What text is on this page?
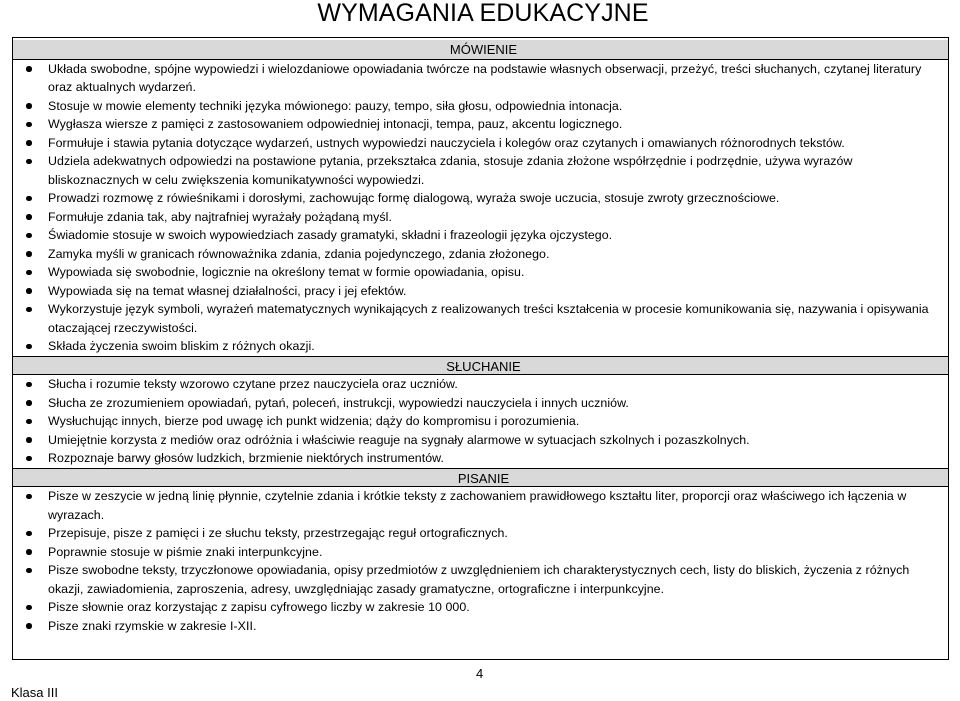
WYMAGANIA EDUKACYJNE
MÓWIENIE
Układa swobodne, spójne wypowiedzi i wielozdaniowe opowiadania twórcze na podstawie własnych obserwacji, przeżyć, treści słuchanych, czytanej literatury oraz aktualnych wydarzeń.
Stosuje w mowie elementy techniki języka mówionego: pauzy, tempo, siła głosu, odpowiednia intonacja.
Wygłasza wiersze z pamięci z zastosowaniem odpowiedniej intonacji, tempa, pauz, akcentu logicznego.
Formułuje i stawia pytania dotyczące wydarzeń, ustnych wypowiedzi nauczyciela i kolegów oraz czytanych i omawianych różnorodnych tekstów.
Udziela adekwatnych odpowiedzi na postawione pytania, przekształca zdania, stosuje zdania złożone współrzędnie i podrzędnie, używa wyrazów bliskoznacznych w celu zwiększenia komunikatywności wypowiedzi.
Prowadzi rozmowę z rówieśnikami i dorosłymi, zachowując formę dialogową, wyraża swoje uczucia, stosuje zwroty grzecznościowe.
Formułuje zdania tak, aby najtrafniej wyrażały pożądaną myśl.
Świadomie stosuje w swoich wypowiedziach zasady gramatyki, składni i frazeologii języka ojczystego.
Zamyka myśli w granicach równoważnika zdania, zdania pojedynczego, zdania złożonego.
Wypowiada się swobodnie, logicznie na określony temat w formie opowiadania, opisu.
Wypowiada się na temat własnej działalności, pracy i jej efektów.
Wykorzystuje język symboli, wyrażeń matematycznych wynikających z realizowanych treści kształcenia w procesie komunikowania się, nazywania i opisywania otaczającej rzeczywistości.
Składa życzenia swoim bliskim z różnych okazji.
SŁUCHANIE
Słucha i rozumie teksty wzorowo czytane przez nauczyciela oraz uczniów.
Słucha ze zrozumieniem opowiadań, pytań, poleceń, instrukcji, wypowiedzi nauczyciela i innych uczniów.
Wysłuchując innych, bierze pod uwagę ich punkt widzenia; dąży do kompromisu i porozumienia.
Umiejętnie korzysta z mediów oraz odróżnia i właściwie reaguje na sygnały alarmowe w sytuacjach szkolnych i pozaszkolnych.
Rozpoznaje barwy głosów ludzkich, brzmienie niektórych instrumentów.
PISANIE
Pisze w zeszycie w jedną linię płynnie, czytelnie zdania i krótkie teksty z zachowaniem prawidłowego kształtu liter, proporcji oraz właściwego ich łączenia w wyrazach.
Przepisuje, pisze z pamięci i ze słuchu teksty, przestrzegając reguł ortograficznych.
Poprawnie stosuje w piśmie znaki interpunkcyjne.
Pisze swobodne teksty, trzyczłonowe opowiadania, opisy przedmiotów z uwzględnieniem ich charakterystycznych cech, listy do bliskich, życzenia z różnych okazji, zawiadomienia, zaproszenia, adresy, uwzględniając zasady gramatyczne, ortograficzne i interpunkcyjne.
Pisze słownie oraz korzystając z zapisu cyfrowego liczby w zakresie 10 000.
Pisze znaki rzymskie w zakresie I-XII.
4
Klasa III
